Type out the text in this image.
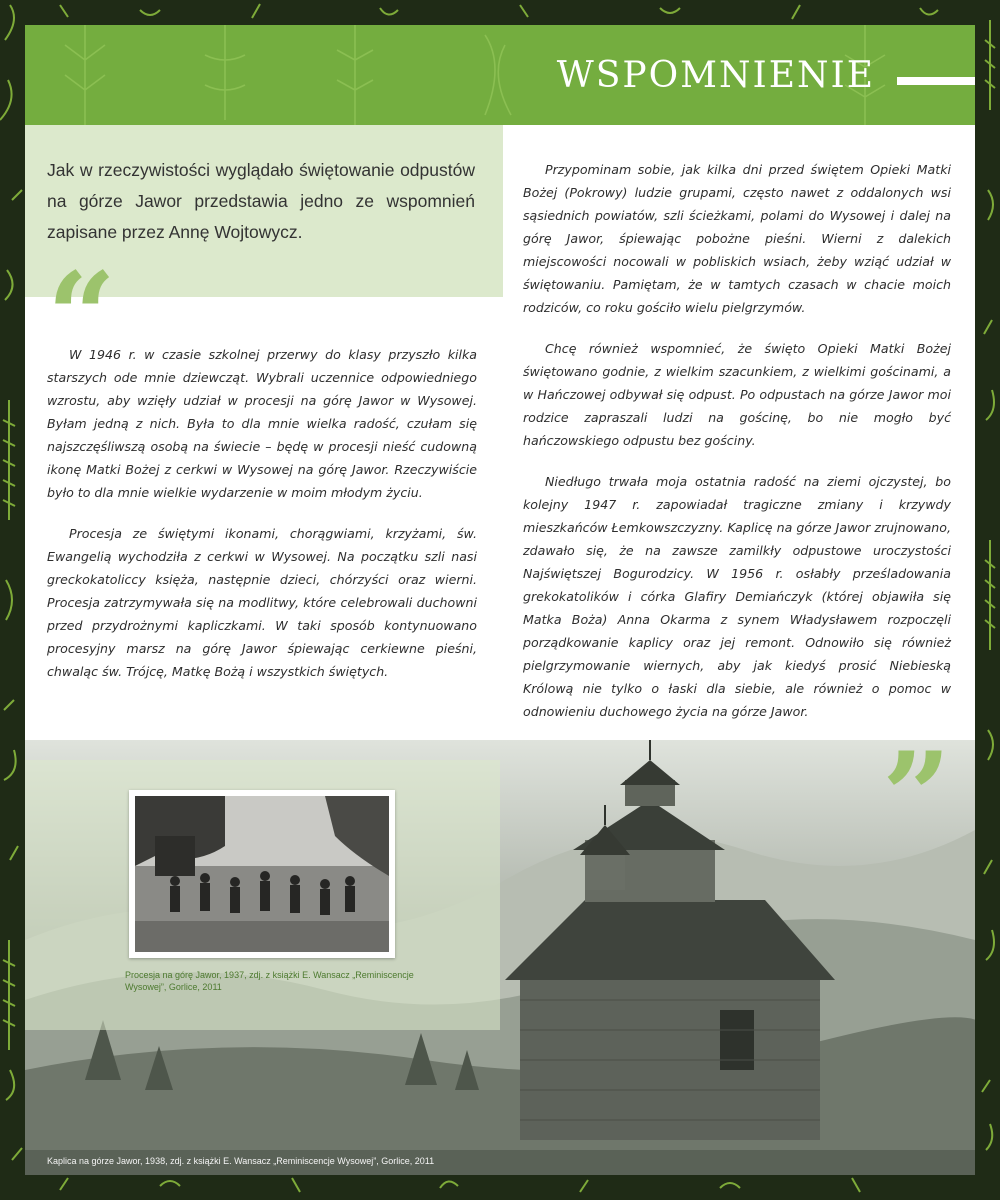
WSPOMNIENIE

Jak w rzeczywistości wyglądało świętowanie odpustów na górze Jawor przedstawia jedno ze wspomnień zapisane przez Annę Wojtowycz.

“

W 1946 r. w czasie szkolnej przerwy do klasy przyszło kilka starszych ode mnie dziewcząt. Wybrali uczennice odpowiedniego wzrostu, aby wzięły udział w procesji na górę Jawor w Wysowej. Byłam jedną z nich. Była to dla mnie wielka radość, czułam się najszczęśliwszą osobą na świecie – będę w procesji nieść cudowną ikonę Matki Bożej z cerkwi w Wysowej na górę Jawor. Rzeczywiście było to dla mnie wielkie wydarzenie w moim młodym życiu.

Procesja ze świętymi ikonami, chorągwiami, krzyżami, św. Ewangelią wychodziła z cerkwi w Wysowej. Na początku szli nasi greckokatoliccy księża, następnie dzieci, chórzyści oraz wierni. Procesja zatrzymywała się na modlitwy, które celebrowali duchowni przed przydrożnymi kapliczkami. W taki sposób kontynuowano procesyjny marsz na górę Jawor śpiewając cerkiewne pieśni, chwaląc św. Trójcę, Matkę Bożą i wszystkich świętych.

Przypominam sobie, jak kilka dni przed świętem Opieki Matki Bożej (Pokrowy) ludzie grupami, często nawet z oddalonych wsi sąsiednich powiatów, szli ścieżkami, polami do Wysowej i dalej na górę Jawor, śpiewając pobożne pieśni. Wierni z dalekich miejscowości nocowali w pobliskich wsiach, żeby wziąć udział w świętowaniu. Pamiętam, że w tamtych czasach w chacie moich rodziców, co roku gościło wielu pielgrzymów.

Chcę również wspomnieć, że święto Opieki Matki Bożej świętowano godnie, z wielkim szacunkiem, z wielkimi gościnami, a w Hańczowej odbywał się odpust. Po odpustach na górze Jawor moi rodzice zapraszali ludzi na gościnę, bo nie mogło być hańczowskiego odpustu bez gościny.

Niedługo trwała moja ostatnia radość na ziemi ojczystej, bo kolejny 1947 r. zapowiadał tragiczne zmiany i krzywdy mieszkańców Łemkowszczyzny. Kaplicę na górze Jawor zrujnowano, zdawało się, że na zawsze zamilkły odpustowe uroczystości Najświętszej Bogurodzicy. W 1956 r. osłabły prześladowania grekokatolików i córka Glafiry Demiańczyk (której objawiła się Matka Boża) Anna Okarma z synem Władysławem rozpoczęli porządkowanie kaplicy oraz jej remont. Odnowiło się również pielgrzymowanie wiernych, aby jak kiedyś prosić Niebieską Królową nie tylko o łaski dla siebie, ale również o pomoc w odnowieniu duchowego życia na górze Jawor.

Procesja na górę Jawor, 1937, zdj. z książki E. Wansacz „Reminiscencje Wysowej”, Gorlice, 2011

”

Kaplica na górze Jawor, 1938, zdj. z książki E. Wansacz „Reminiscencje Wysowej”, Gorlice, 2011
